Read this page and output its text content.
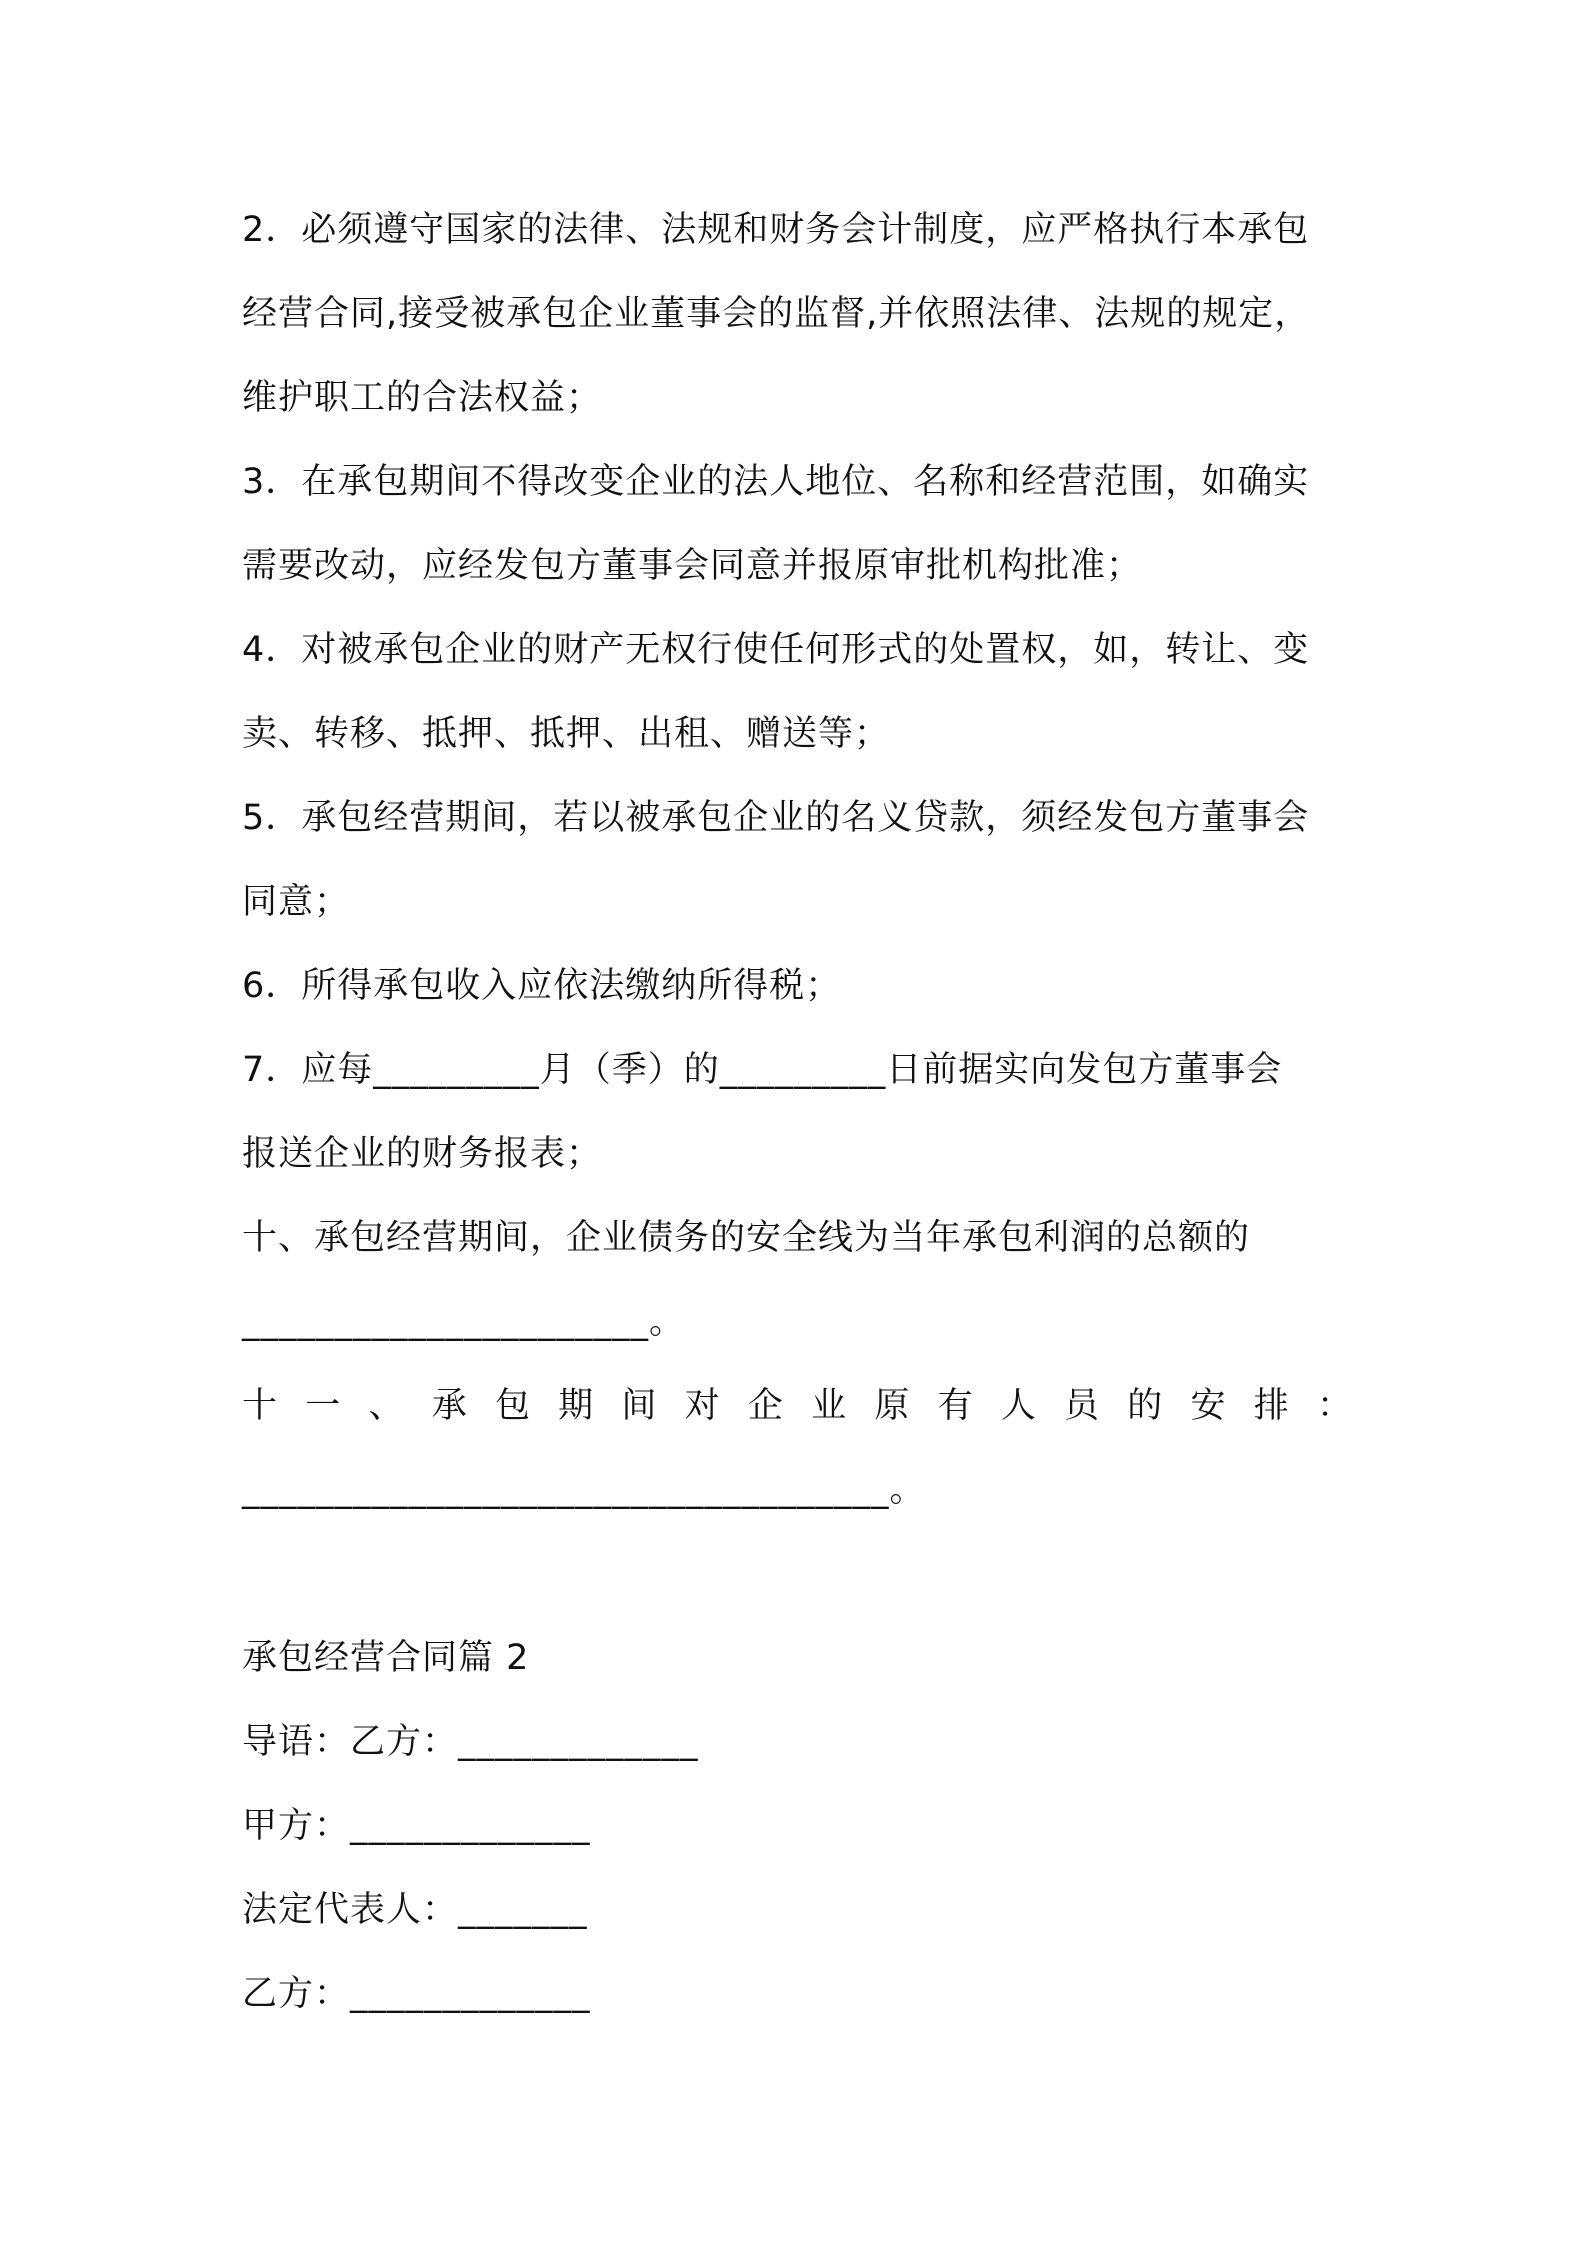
2．必须遵守国家的法律、法规和财务会计制度，应严格执行本承包
经营合同,接受被承包企业董事会的监督,并依照法律、法规的规定，
维护职工的合法权益；
3．在承包期间不得改变企业的法人地位、名称和经营范围，如确实
需要改动，应经发包方董事会同意并报原审批机构批准；
4．对被承包企业的财产无权行使任何形式的处置权，如，转让、变
卖、转移、抵押、抵押、出租、赠送等；
5．承包经营期间，若以被承包企业的名义贷款，须经发包方董事会
同意；
6．所得承包收入应依法缴纳所得税；
7．应每_________月（季）的_________日前据实向发包方董事会
报送企业的财务报表；
十、承包经营期间，企业债务的安全线为当年承包利润的总额的
______________________。
十 一 、 承 包 期 间 对 企 业 原 有 人 员 的 安 排 ：
___________________________________。
承包经营合同篇 2
导语：乙方：_____________
甲方：_____________
法定代表人：_______
乙方：_____________
